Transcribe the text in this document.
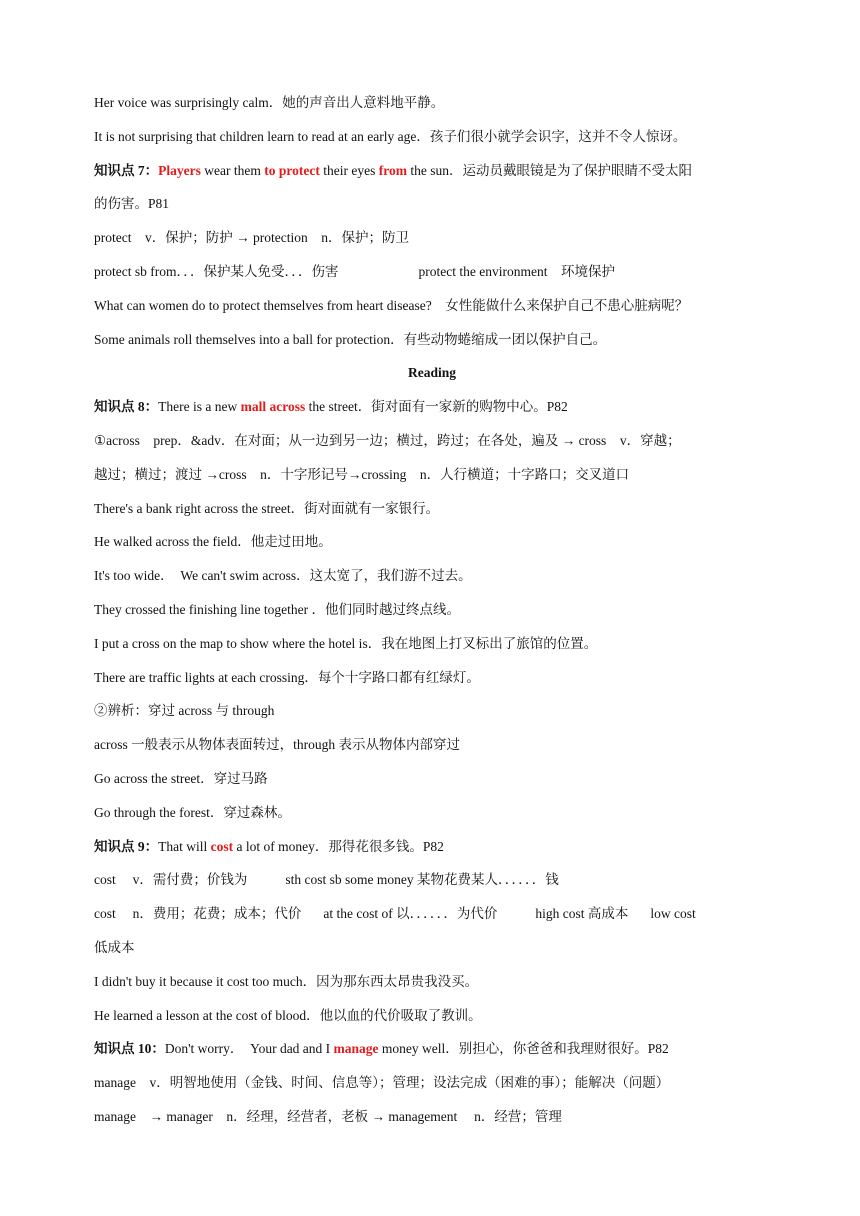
Her voice was surprisingly calm．她的声音出人意料地平静。
It is not surprising that children learn to read at an early age．孩子们很小就学会识字，这并不令人惊讶。
知识点 7：Players wear them to protect their eyes from the sun．运动员戴眼镜是为了保护眼睛不受太阳
的伤害。P81
protect　v．保护；防护 → protection　n．保护；防卫
protect sb from．．．保护某人免受．．．伤害	protect the environment　环境保护
What can women do to protect themselves from heart disease?　女性能做什么来保护自己不患心脏病呢？
Some animals roll themselves into a ball for protection．有些动物蜷缩成一团以保护自己。
Reading
知识点 8：There is a new mall across the street．街对面有一家新的购物中心。P82
①across　prep．&adv．在对面；从一边到另一边；横过，跨过；在各处，遍及 → cross　v．穿越；
越过；横过；渡过 →cross　n．十字形记号→crossing　n．人行横道；十字路口；交叉道口
There's a bank right across the street．街对面就有一家银行。
He walked across the field．他走过田地。
It's too wide．　We can't swim across．这太宽了，我们游不过去。
They crossed the finishing line together ．他们同时越过终点线。
I put a cross on the map to show where the hotel is．我在地图上打叉标出了旅馆的位置。
There are traffic lights at each crossing．每个十字路口都有红绿灯。
②辨析：穿过 across 与 through
across 一般表示从物体表面转过，through 表示从物体内部穿过
Go across the street．穿过马路
Go through the forest．穿过森林。
知识点 9：That will cost a lot of money．那得花很多钱。P82
cost　 v．需付费；价钱为	sth cost sb some money 某物花费某人．．．．．．钱
cost　 n．费用；花费；成本；代价 at the cost of 以．．．．．．为代价	high cost 高成本 low cost
低成本
I didn't buy it because it cost too much．因为那东西太昂贵我没买。
He learned a lesson at the cost of blood．他以血的代价吸取了教训。
知识点 10：Don't worry．　Your dad and I manage money well．别担心，你爸爸和我理财很好。P82
manage　v．明智地使用（金钱、时间、信息等）；管理；设法完成（困难的事）；能解决（问题）
manage　→ manager　n．经理，经营者，老板 → management　 n．经营；管理
